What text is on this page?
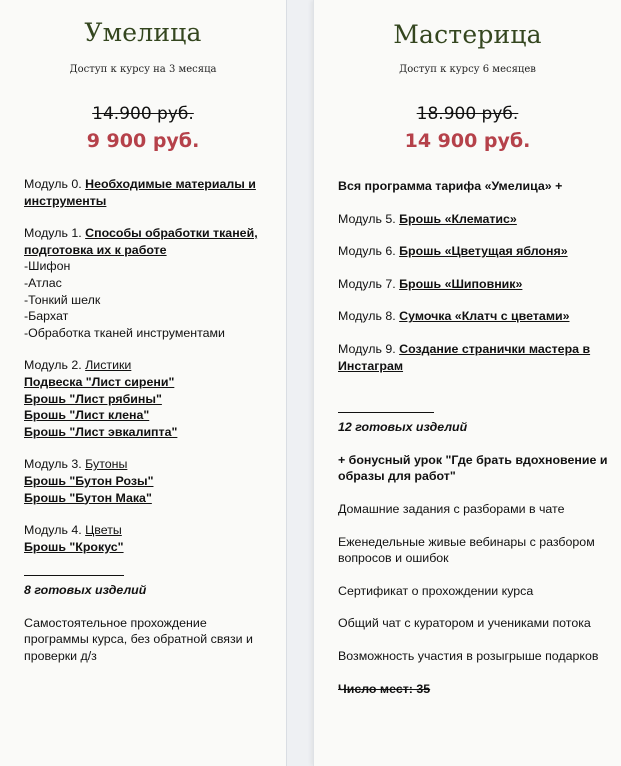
Умелица
Доступ к курсу на 3 месяца
14.900 руб.
9 900 руб.
Модуль 0. Необходимые материалы и инструменты
Модуль 1. Способы обработки тканей, подготовка их к работе
-Шифон
-Атлас
-Тонкий шелк
-Бархат
-Обработка тканей инструментами
Модуль 2. Листики
Подвеска "Лист сирени"
Брошь "Лист рябины"
Брошь "Лист клена"
Брошь "Лист эвкалипта"
Модуль 3. Бутоны
Брошь "Бутон Розы"
Брошь "Бутон Мака"
Модуль 4. Цветы
Брошь "Крокус"
8 готовых изделий
Самостоятельное прохождение программы курса, без обратной связи и проверки д/з
Мастерица
Доступ к курсу 6 месяцев
18.900 руб.
14 900 руб.
Вся программа тарифа «Умелица» +
Модуль 5. Брошь «Клематис»
Модуль 6. Брошь «Цветущая яблоня»
Модуль 7. Брошь «Шиповник»
Модуль 8. Сумочка «Клатч с цветами»
Модуль 9. Создание странички мастера в Инстаграм
12 готовых изделий
+ бонусный урок "Где брать вдохновение и образы для работ"
Домашние задания с разборами в чате
Еженедельные живые вебинары с разбором вопросов и ошибок
Сертификат о прохождении курса
Общий чат с куратором и учениками потока
Возможность участия в розыгрыше подарков
Число мест: 35
